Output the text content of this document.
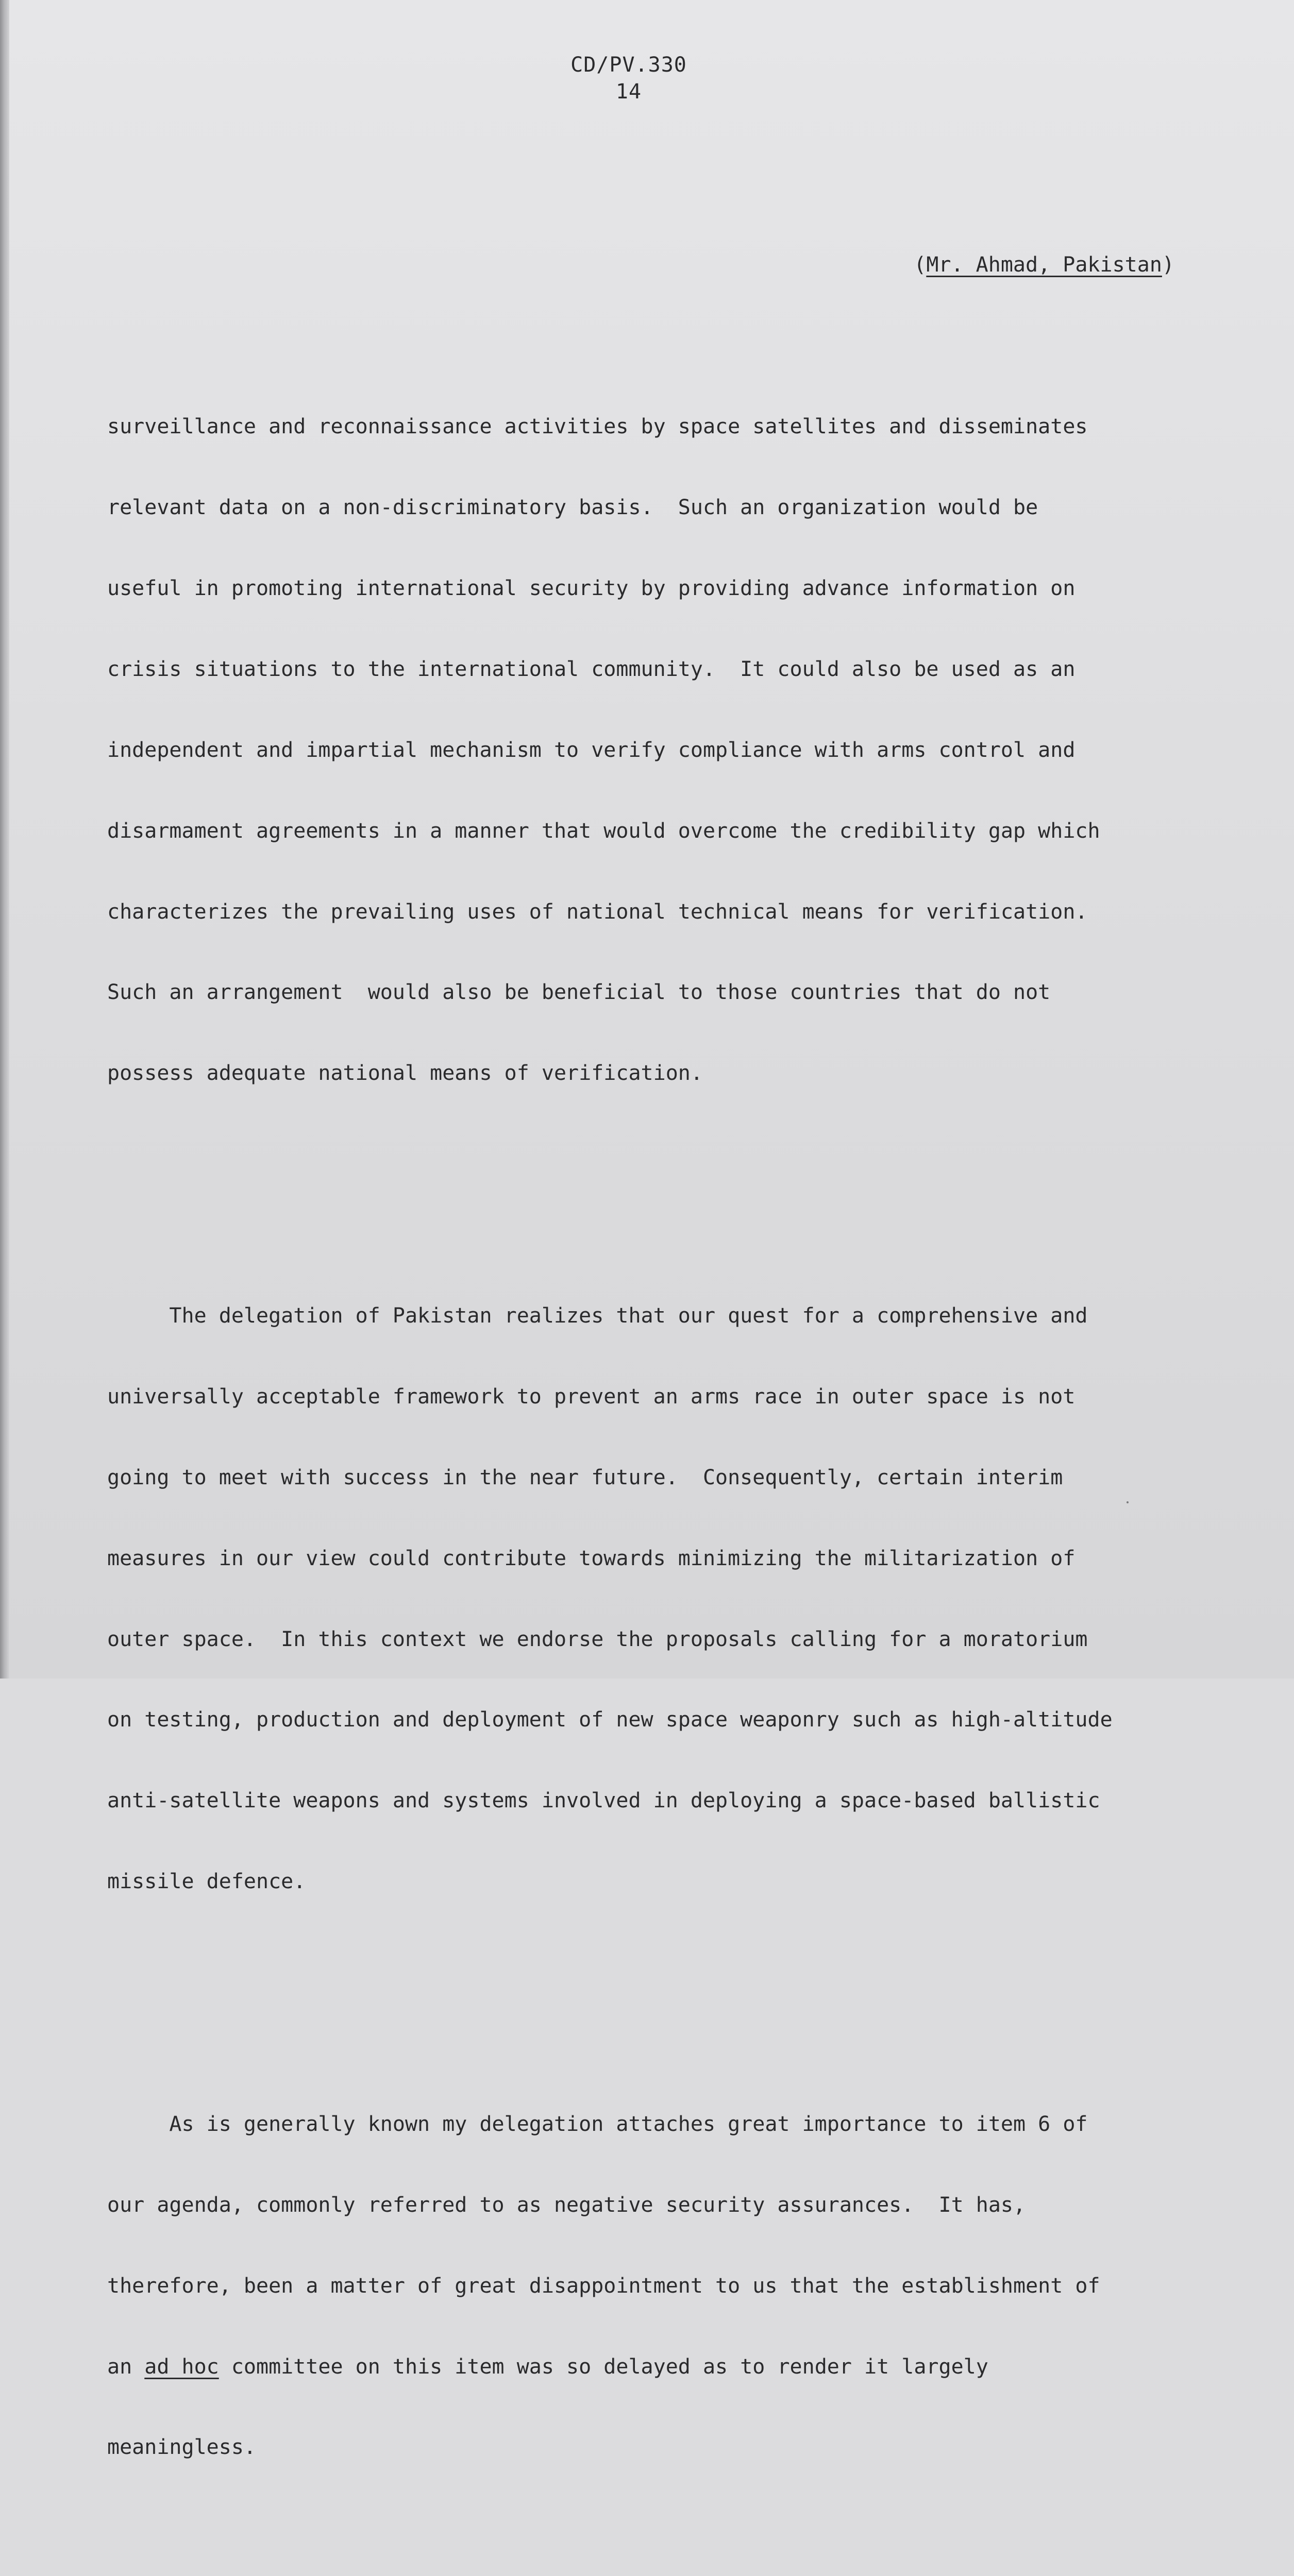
CD/PV.330
14
(Mr. Ahmad, Pakistan)

surveillance and reconnaissance activities by space satellites and disseminates

relevant data on a non-discriminatory basis.  Such an organization would be

useful in promoting international security by providing advance information on

crisis situations to the international community.  It could also be used as an

independent and impartial mechanism to verify compliance with arms control and

disarmament agreements in a manner that would overcome the credibility gap which

characterizes the prevailing uses of national technical means for verification.

Such an arrangement  would also be beneficial to those countries that do not

possess adequate national means of verification.

The delegation of Pakistan realizes that our quest for a comprehensive and

universally acceptable framework to prevent an arms race in outer space is not

going to meet with success in the near future.  Consequently, certain interim

measures in our view could contribute towards minimizing the militarization of

outer space.  In this context we endorse the proposals calling for a moratorium

on testing, production and deployment of new space weaponry such as high-altitude

anti-satellite weapons and systems involved in deploying a space-based ballistic

missile defence.

As is generally known my delegation attaches great importance to item 6 of

our agenda, commonly referred to as negative security assurances.  It has,

therefore, been a matter of great disappointment to us that the establishment of

an ad hoc committee on this item was so delayed as to render it largely

meaningless.
